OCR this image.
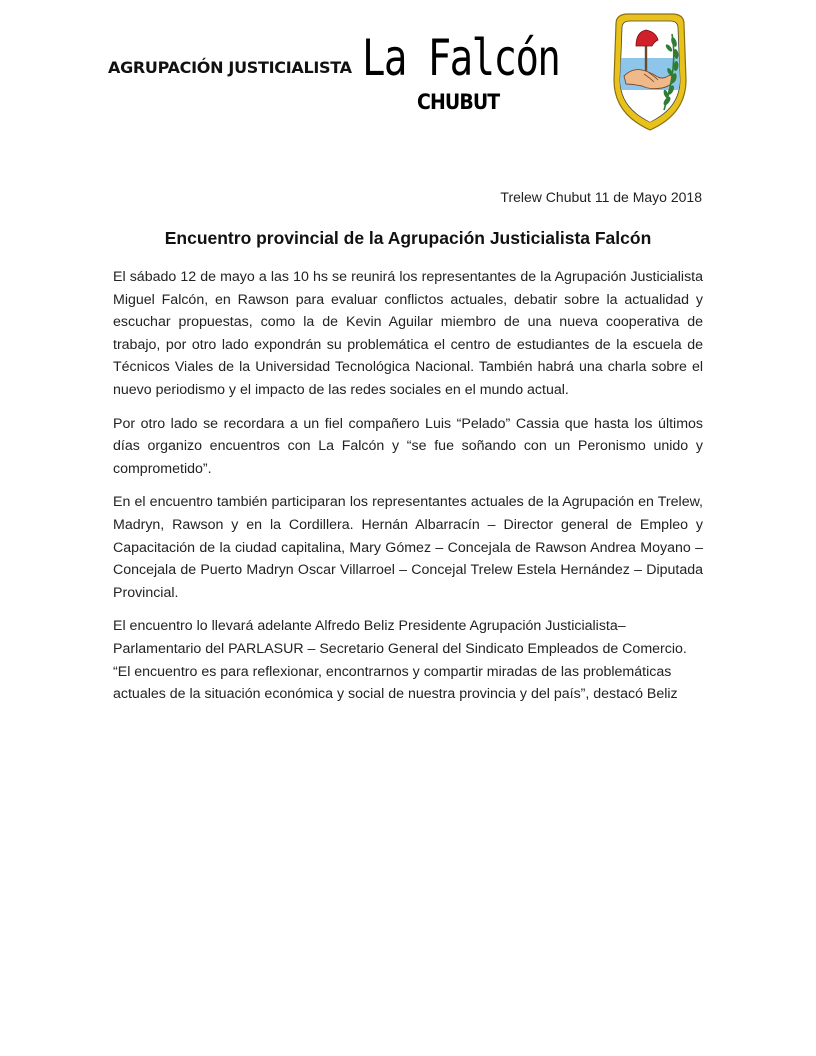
AGRUPACIÓN JUSTICIALISTA La Falcón
CHUBUT
Trelew Chubut 11 de Mayo 2018
Encuentro provincial de la Agrupación Justicialista Falcón

El sábado 12 de mayo a las 10 hs se reunirá los representantes de la Agrupación Justicialista Miguel Falcón, en Rawson para evaluar conflictos actuales, debatir sobre la actualidad y escuchar propuestas, como la de Kevin Aguilar miembro de una nueva cooperativa de trabajo, por otro lado expondrán su problemática el centro de estudiantes de la escuela de Técnicos Viales de la Universidad Tecnológica Nacional. También habrá una charla sobre el nuevo periodismo y el impacto de las redes sociales en el mundo actual.

Por otro lado se recordara a un fiel compañero Luis “Pelado” Cassia que hasta los últimos días organizo encuentros con La Falcón y “se fue soñando con un Peronismo unido y comprometido”.

En el encuentro también participaran los representantes actuales de la Agrupación en Trelew, Madryn, Rawson y en la Cordillera. Hernán Albarracín – Director general de Empleo y Capacitación de la ciudad capitalina, Mary Gómez – Concejala de Rawson Andrea Moyano – Concejala de Puerto Madryn Oscar Villarroel – Concejal Trelew Estela Hernández – Diputada Provincial.

El encuentro lo llevará adelante Alfredo Beliz Presidente Agrupación Justicialista– Parlamentario del PARLASUR – Secretario General del Sindicato Empleados de Comercio. “El encuentro es para reflexionar, encontrarnos y compartir miradas de las problemáticas actuales de la situación económica y social de nuestra provincia y del país”, destacó Beliz
